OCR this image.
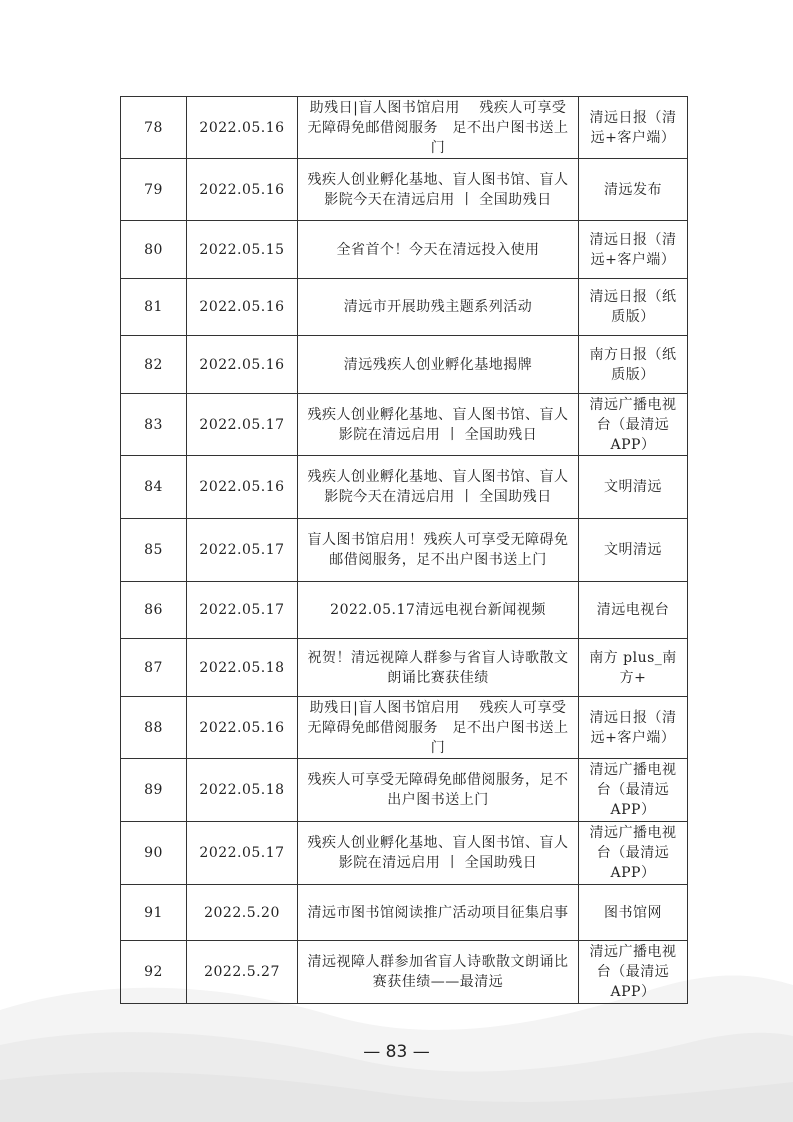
78	2022.05.16	助残日|盲人图书馆启用　 残疾人可享受无障碍免邮借阅服务　足不出户图书送上门	清远日报（清远+客户端）
79	2022.05.16	残疾人创业孵化基地、盲人图书馆、盲人影院今天在清远启用 丨 全国助残日	清远发布
80	2022.05.15	全省首个！今天在清远投入使用	清远日报（清远+客户端）
81	2022.05.16	清远市开展助残主题系列活动	清远日报（纸质版）
82	2022.05.16	清远残疾人创业孵化基地揭牌	南方日报（纸质版）
83	2022.05.17	残疾人创业孵化基地、盲人图书馆、盲人影院在清远启用 丨 全国助残日	清远广播电视台（最清远APP）
84	2022.05.16	残疾人创业孵化基地、盲人图书馆、盲人影院今天在清远启用 丨 全国助残日	文明清远
85	2022.05.17	盲人图书馆启用！残疾人可享受无障碍免邮借阅服务，足不出户图书送上门	文明清远
86	2022.05.17	2022.05.17清远电视台新闻视频	清远电视台
87	2022.05.18	祝贺！清远视障人群参与省盲人诗歌散文朗诵比赛获佳绩	南方 plus_南方+
88	2022.05.16	助残日|盲人图书馆启用　 残疾人可享受无障碍免邮借阅服务　足不出户图书送上门	清远日报（清远+客户端）
89	2022.05.18	残疾人可享受无障碍免邮借阅服务，足不出户图书送上门	清远广播电视台（最清远APP）
90	2022.05.17	残疾人创业孵化基地、盲人图书馆、盲人影院在清远启用 丨 全国助残日	清远广播电视台（最清远APP）
91	2022.5.20	清远市图书馆阅读推广活动项目征集启事	图书馆网
92	2022.5.27	清远视障人群参加省盲人诗歌散文朗诵比赛获佳绩——最清远	清远广播电视台（最清远APP）
— 83 —
